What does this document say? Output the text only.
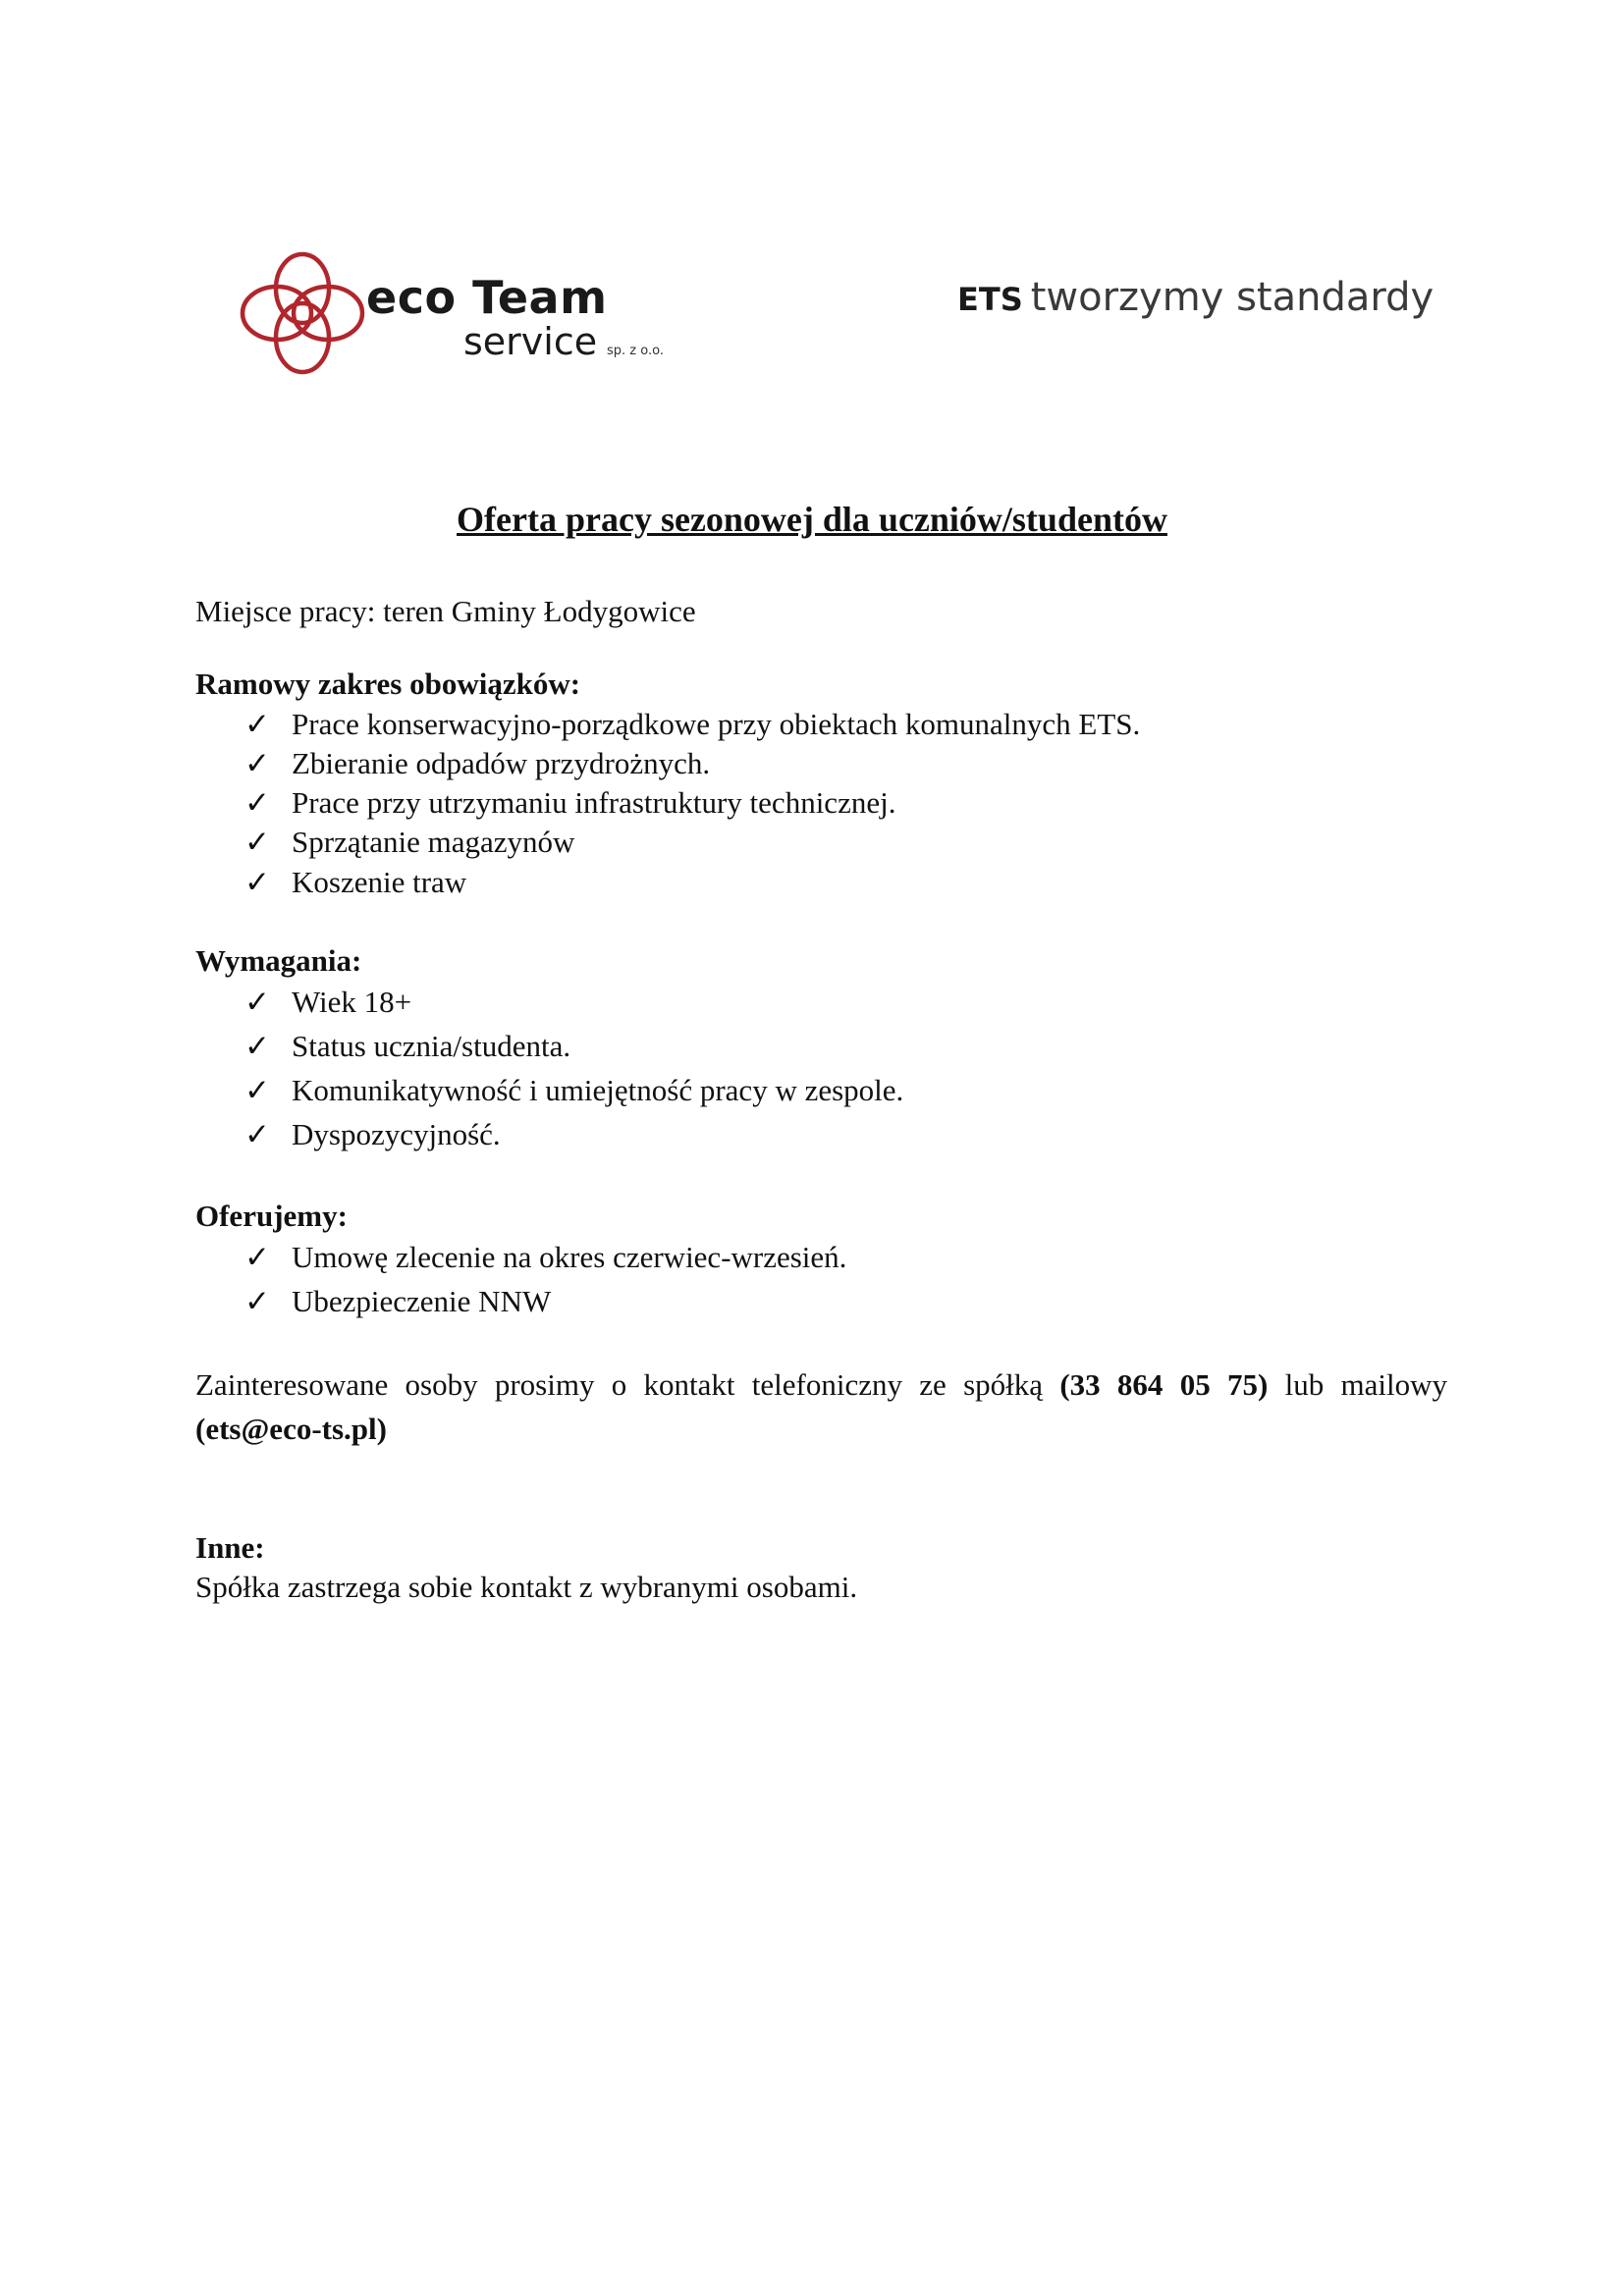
eco Team
service sp. z o.o.
ETS tworzymy standardy
Oferta pracy sezonowej dla uczniów/studentów

Miejsce pracy: teren Gminy Łodygowice

Ramowy zakres obowiązków:

✓ Prace konserwacyjno-porządkowe przy obiektach komunalnych ETS.
✓ Zbieranie odpadów przydrożnych.
✓ Prace przy utrzymaniu infrastruktury technicznej.
✓ Sprzątanie magazynów
✓ Koszenie traw

Wymagania:

✓ Wiek 18+
✓ Status ucznia/studenta.
✓ Komunikatywność i umiejętność pracy w zespole.
✓ Dyspozycyjność.

Oferujemy:

✓ Umowę zlecenie na okres czerwiec-wrzesień.
✓ Ubezpieczenie NNW

Zainteresowane osoby prosimy o kontakt telefoniczny ze spółką (33 864 05 75) lub mailowy (ets@eco-ts.pl)

Inne:

Spółka zastrzega sobie kontakt z wybranymi osobami.
